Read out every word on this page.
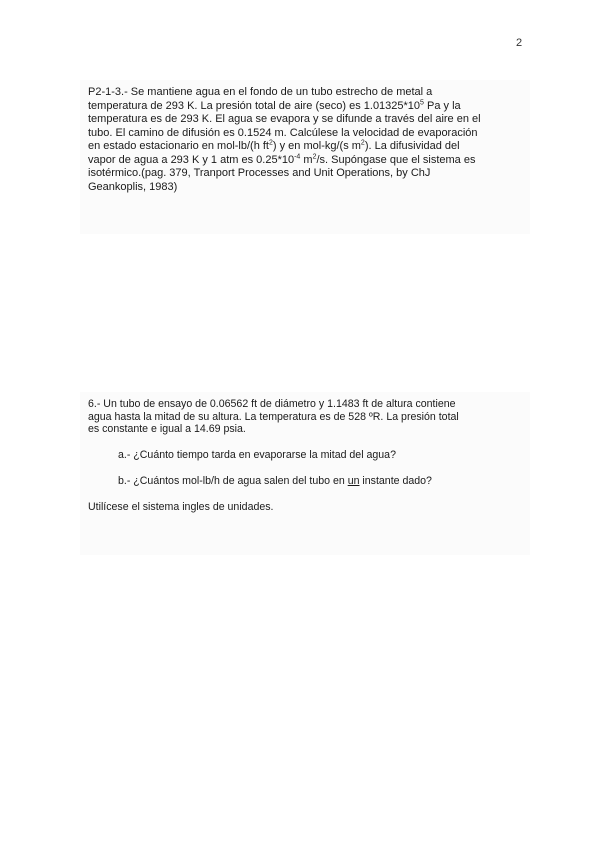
2

P2-1-3.- Se mantiene agua en el fondo de un tubo estrecho de metal a
temperatura de 293 K. La presión total de aire (seco) es $1.01325*10^5$ Pa y la
temperatura es de 293 K. El agua se evapora y se difunde a través del aire en el
tubo. El camino de difusión es 0.1524 m. Calcúlese la velocidad de evaporación
en estado estacionario en mol-lb/(h $ft^2$) y en mol-kg/(s $m^2$). La difusividad del
vapor de agua a 293 K y 1 atm es $0.25*10^{-4}$ $m^2/s$. Supóngase que el sistema es
isotérmico.(pag. 379, Tranport Processes and Unit Operations, by ChJ
Geankoplis, 1983)

6.- Un tubo de ensayo de 0.06562 ft de diámetro y 1.1483 ft de altura contiene
agua hasta la mitad de su altura. La temperatura es de 528 ºR. La presión total
es constante e igual a 14.69 psia.

a.- ¿Cuánto tiempo tarda en evaporarse la mitad del agua?

b.- ¿Cuántos mol-lb/h de agua salen del tubo en un instante dado?

Utilícese el sistema ingles de unidades.
